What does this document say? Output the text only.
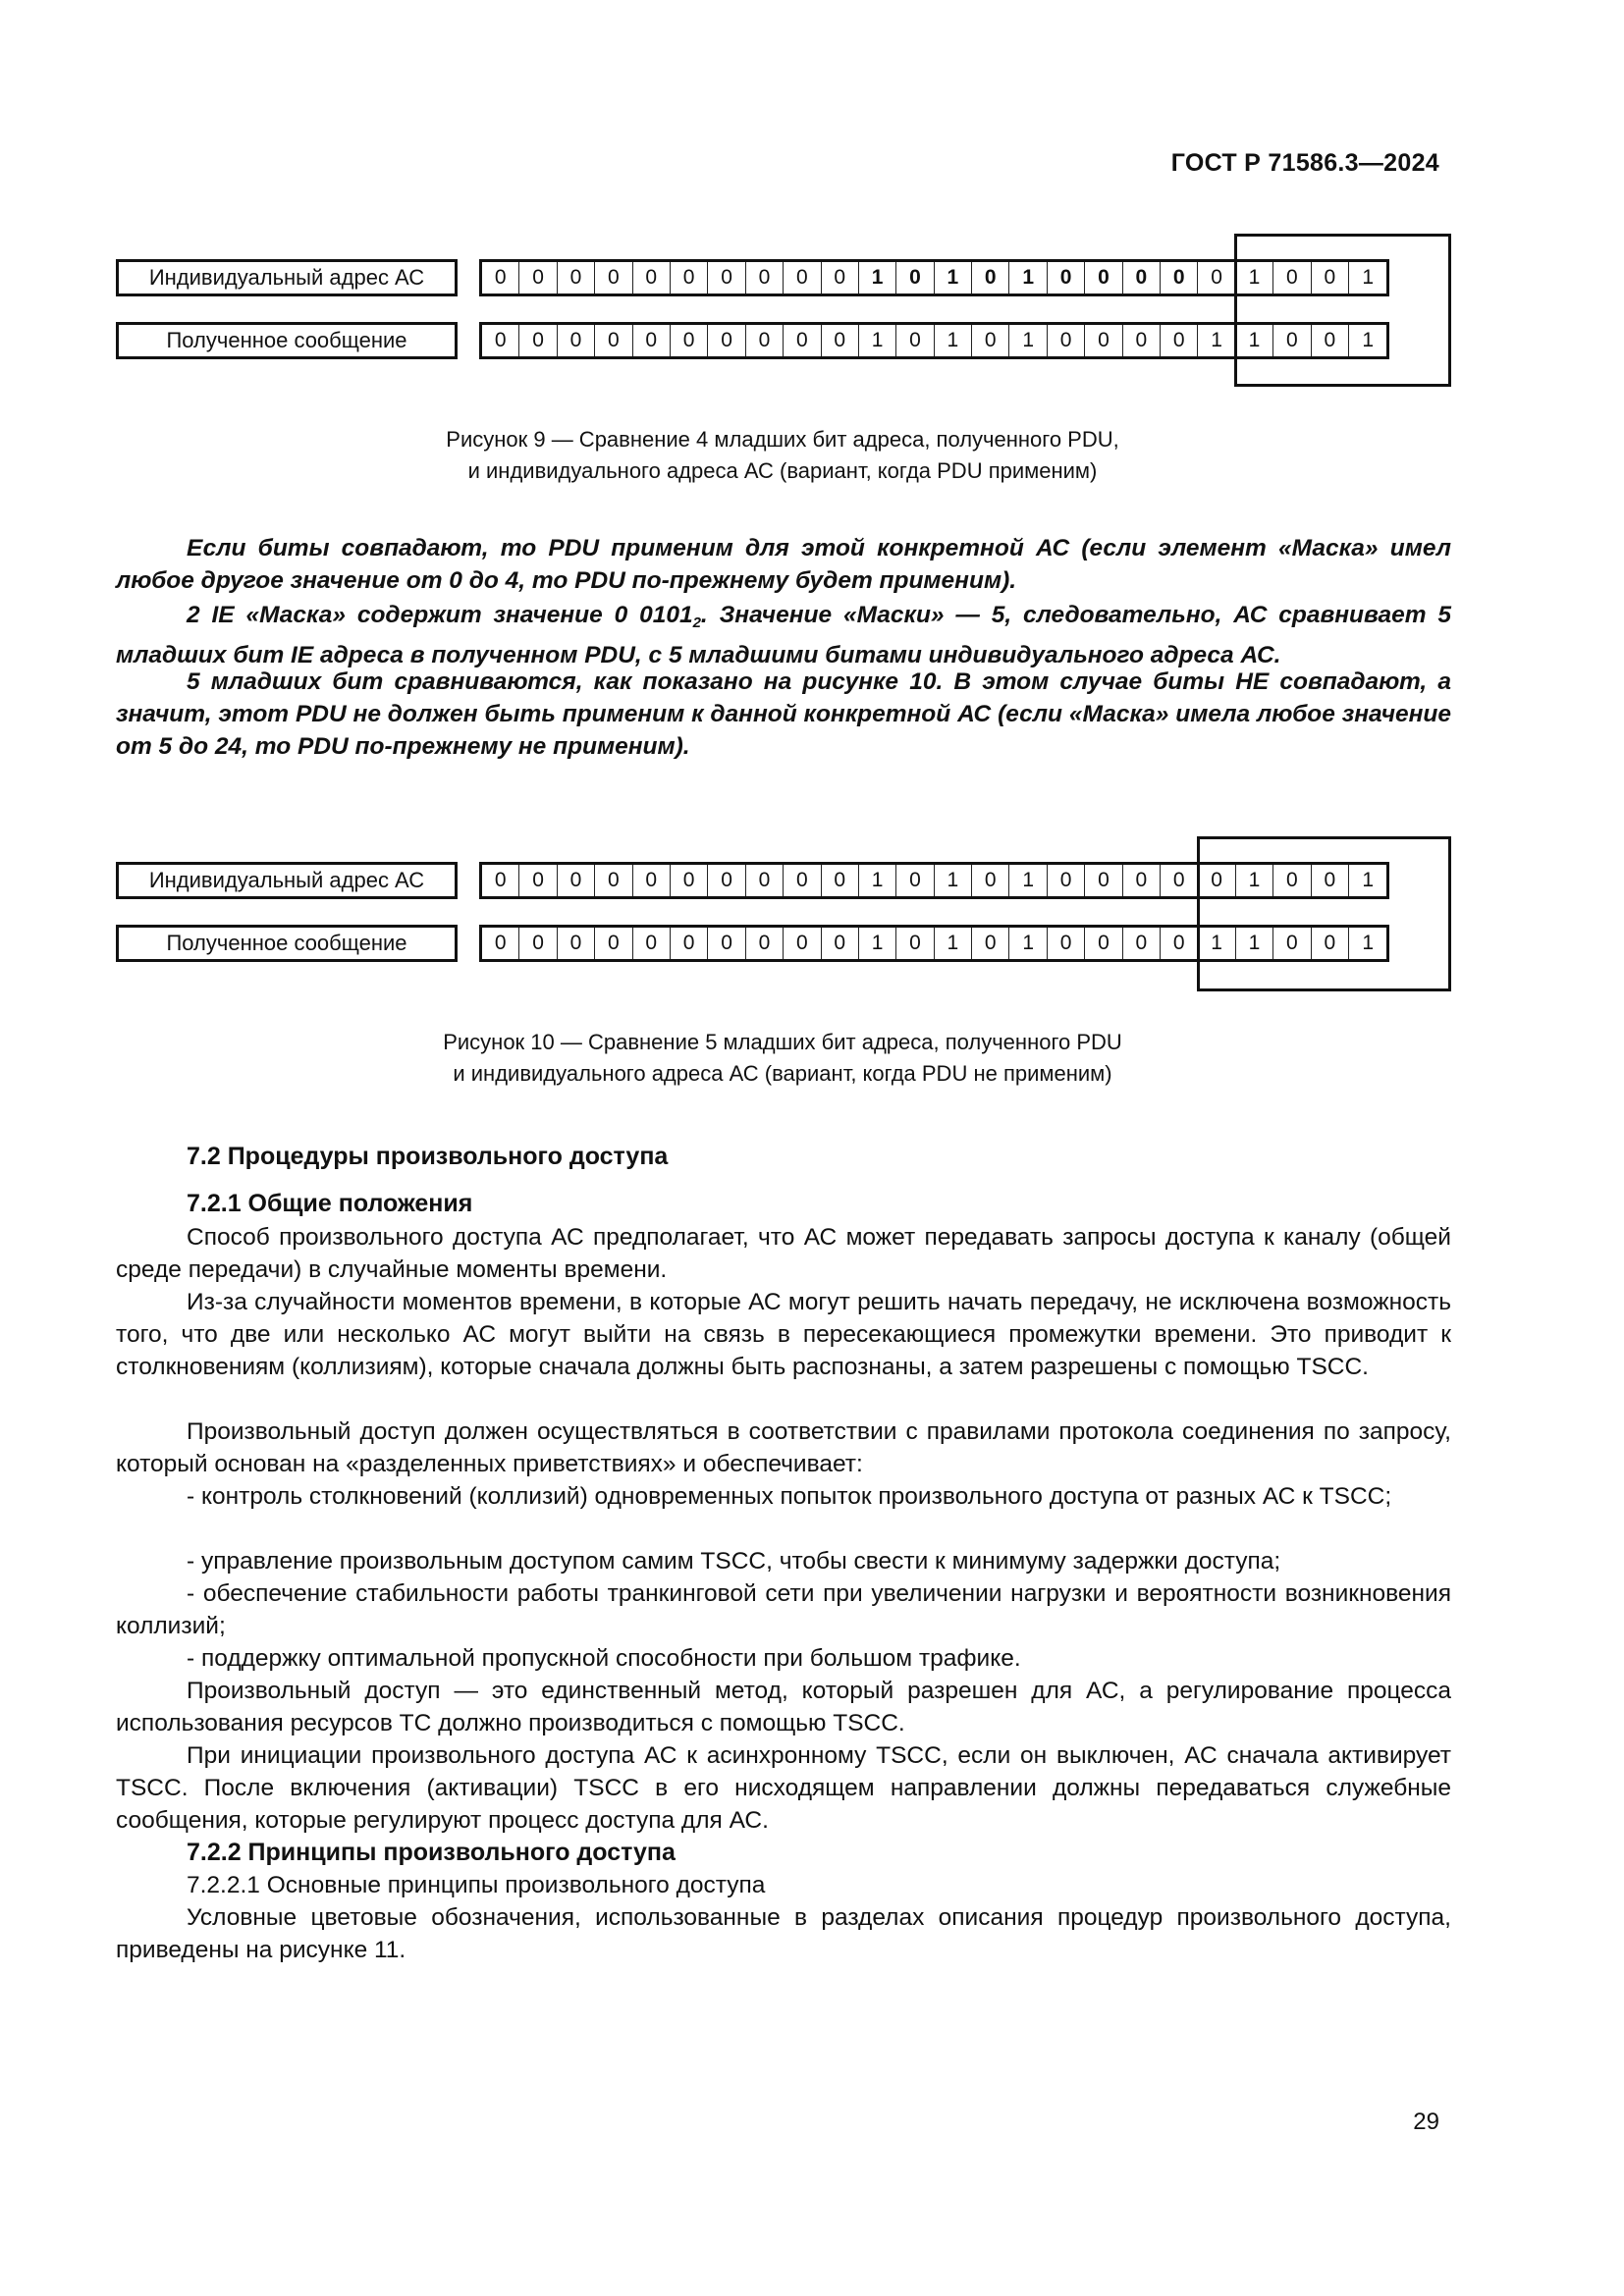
ГОСТ Р 71586.3—2024
Индивидуальный адрес АС	0	0	0	0	0	0	0	0	0	0	1	0	1	0	1	0	0	0	0	0	1	0	0	1
Полученное сообщение	0	0	0	0	0	0	0	0	0	0	1	0	1	0	1	0	0	0	0	1	1	0	0	1
Рисунок 9 — Сравнение 4 младших бит адреса, полученного PDU,
и индивидуального адреса АС (вариант, когда PDU применим)
Если биты совпадают, то PDU применим для этой конкретной АС (если элемент «Маска» имел любое другое значение от 0 до 4, то PDU по-прежнему будет применим).
2 IE «Маска» содержит значение 0 $0101_2$. Значение «Маски» — 5, следовательно, АС сравнивает 5 младших бит IE адреса в полученном PDU, с 5 младшими битами индивидуального адреса АС.
5 младших бит сравниваются, как показано на рисунке 10. В этом случае биты НЕ совпадают, а значит, этот PDU не должен быть применим к данной конкретной АС (если «Маска» имела любое значение от 5 до 24, то PDU по-прежнему не применим).
Индивидуальный адрес АС	0	0	0	0	0	0	0	0	0	0	1	0	1	0	1	0	0	0	0	0	1	0	0	1
Полученное сообщение	0	0	0	0	0	0	0	0	0	0	1	0	1	0	1	0	0	0	0	1	1	0	0	1
Рисунок 10 — Сравнение 5 младших бит адреса, полученного PDU
и индивидуального адреса АС (вариант, когда PDU не применим)
7.2 Процедуры произвольного доступа
7.2.1 Общие положения
Способ произвольного доступа АС предполагает, что АС может передавать запросы доступа к каналу (общей среде передачи) в случайные моменты времени.
Из-за случайности моментов времени, в которые АС могут решить начать передачу, не исключена возможность того, что две или несколько АС могут выйти на связь в пересекающиеся промежутки времени. Это приводит к столкновениям (коллизиям), которые сначала должны быть распознаны, а затем разрешены с помощью TSCC.
Произвольный доступ должен осуществляться в соответствии с правилами протокола соединения по запросу, который основан на «разделенных приветствиях» и обеспечивает:
- контроль столкновений (коллизий) одновременных попыток произвольного доступа от разных АС к TSCC;
- управление произвольным доступом самим TSCC, чтобы свести к минимуму задержки доступа;
- обеспечение стабильности работы транкинговой сети при увеличении нагрузки и вероятности возникновения коллизий;
- поддержку оптимальной пропускной способности при большом трафике.
Произвольный доступ — это единственный метод, который разрешен для АС, а регулирование процесса использования ресурсов ТС должно производиться с помощью TSCC.
При инициации произвольного доступа АС к асинхронному TSCC, если он выключен, АС сначала активирует TSCC. После включения (активации) TSCC в его нисходящем направлении должны передаваться служебные сообщения, которые регулируют процесс доступа для АС.
7.2.2 Принципы произвольного доступа
7.2.2.1 Основные принципы произвольного доступа
Условные цветовые обозначения, использованные в разделах описания процедур произвольного доступа, приведены на рисунке 11.
29
